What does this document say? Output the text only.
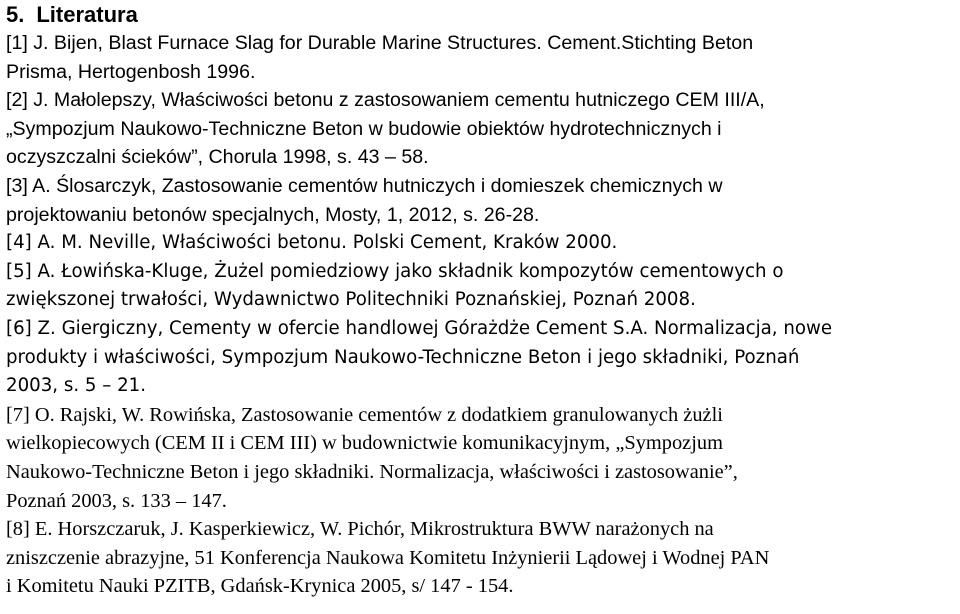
5. Literatura

[1] J. Bijen, Blast Furnace Slag for Durable Marine Structures. Cement.Stichting Beton
Prisma, Hertogenbosh 1996.

[2] J. Małolepszy, Właściwości betonu z zastosowaniem cementu hutniczego CEM III/A,
„Sympozjum Naukowo-Techniczne Beton w budowie obiektów hydrotechnicznych i
oczyszczalni ścieków”, Chorula 1998, s. 43 – 58.

[3] A. Ślosarczyk, Zastosowanie cementów hutniczych i domieszek chemicznych w
projektowaniu betonów specjalnych, Mosty, 1, 2012, s. 26-28.

[4] A. M. Neville, Właściwości betonu. Polski Cement, Kraków 2000.

[5] A. Łowińska-Kluge, Żużel pomiedziowy jako składnik kompozytów cementowych o
zwiększonej trwałości, Wydawnictwo Politechniki Poznańskiej, Poznań 2008.

[6] Z. Giergiczny, Cementy w ofercie handlowej Górażdże Cement S.A. Normalizacja, nowe
produkty i właściwości, Sympozjum Naukowo-Techniczne Beton i jego składniki, Poznań
2003, s. 5 – 21.

[7] O. Rajski, W. Rowińska, Zastosowanie cementów z dodatkiem granulowanych żużli
wielkopiecowych (CEM II i CEM III) w budownictwie komunikacyjnym, „Sympozjum
Naukowo-Techniczne Beton i jego składniki. Normalizacja, właściwości i zastosowanie”,
Poznań 2003, s. 133 – 147.

[8] E. Horszczaruk, J. Kasperkiewicz, W. Pichór, Mikrostruktura BWW narażonych na
zniszczenie abrazyjne, 51 Konferencja Naukowa Komitetu Inżynierii Lądowej i Wodnej PAN
i Komitetu Nauki PZITB, Gdańsk-Krynica 2005, s/ 147 - 154.
